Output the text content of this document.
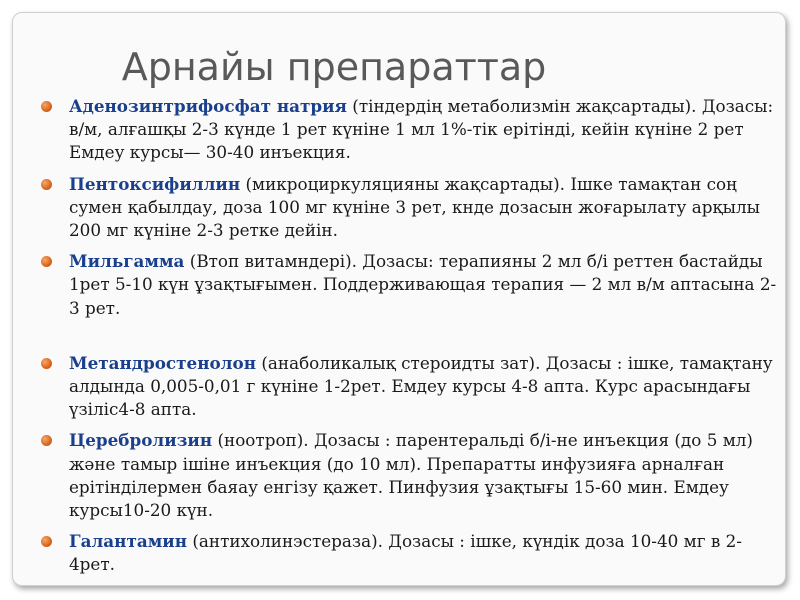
Арнайы препараттар
Аденозинтрифосфат натрия (тіндердің метаболизмін жақсартады). Дозасы: в/м, алғашқы 2-3 күнде 1 рет күніне 1 мл 1%-тік ерітінді, кейін күніне 2 рет Емдеу курсы— 30-40 инъекция.
Пентоксифиллин (микроциркуляцияны жақсартады). Ішке тамақтан соң сумен қабылдау, доза 100 мг күніне 3 рет, кнде дозасын жоғарылату арқылы 200 мг күніне 2-3 ретке дейін.
Мильгамма (Втоп витамндері). Дозасы: терапияны 2 мл б/і реттен бастайды 1рет 5-10 күн ұзақтығымен. Поддерживающая терапия — 2 мл в/м аптасына 2-3 рет.
Метандростенолон (анаболикалық стероидты зат). Дозасы : ішке, тамақтану алдында 0,005-0,01 г күніне 1-2рет. Емдеу курсы 4-8 апта. Курс арасындағы үзіліс4-8 апта.
Церебролизин (ноотроп). Дозасы : парентеральді б/і-не инъекция (до 5 мл) және тамыр ішіне инъекция (до 10 мл). Препаратты инфузияға арналған ерітінділермен баяау енгізу қажет. Пинфузия ұзақтығы 15-60 мин. Емдеу курсы10-20 күн.
Галантамин (антихолинэстераза). Дозасы : ішке, күндік доза 10-40 мг в 2-4рет.
